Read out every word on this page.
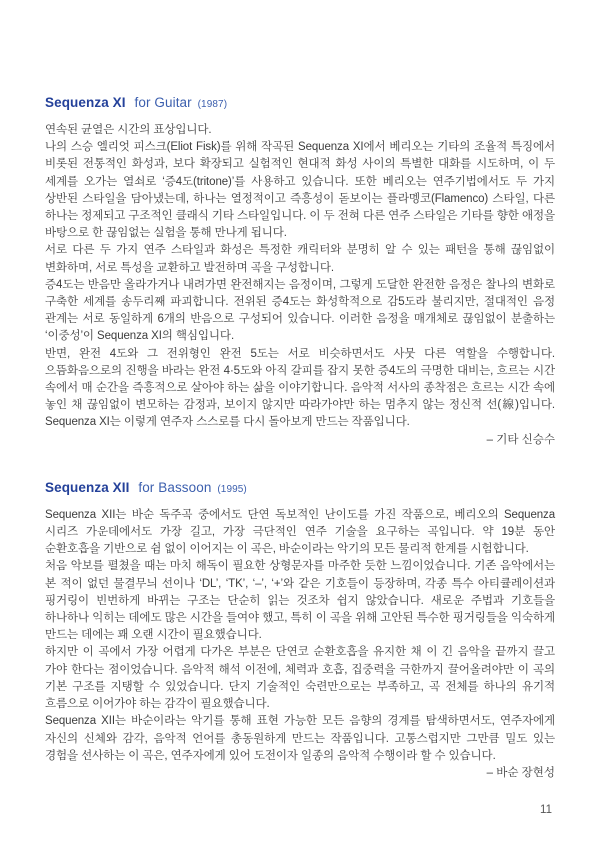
Sequenza XI for Guitar (1987)

연속된 균열은 시간의 표상입니다.

나의 스승 엘리엇 피스크(Eliot Fisk)를 위해 작곡된 Sequenza XI에서 베리오는 기타의 조율적 특징에서 비롯된 전통적인 화성과, 보다 확장되고 실험적인 현대적 화성 사이의 특별한 대화를 시도하며, 이 두 세계를 오가는 열쇠로 ‘증4도(tritone)’를 사용하고 있습니다. 또한 베리오는 연주기법에서도 두 가지 상반된 스타일을 담아냈는데, 하나는 열정적이고 즉흥성이 돋보이는 플라멩코(Flamenco) 스타일, 다른 하나는 정제되고 구조적인 클래식 기타 스타일입니다. 이 두 전혀 다른 연주 스타일은 기타를 향한 애정을 바탕으로 한 끊임없는 실험을 통해 만나게 됩니다.

서로 다른 두 가지 연주 스타일과 화성은 특정한 캐릭터와 분명히 알 수 있는 패턴을 통해 끊임없이 변화하며, 서로 특성을 교환하고 발전하며 곡을 구성합니다.

증4도는 반음만 올라가거나 내려가면 완전해지는 음정이며, 그렇게 도달한 완전한 음정은 찰나의 변화로 구축한 세계를 송두리째 파괴합니다. 전위된 증4도는 화성학적으로 감5도라 불리지만, 절대적인 음정 관계는 서로 동일하게 6개의 반음으로 구성되어 있습니다. 이러한 음정을 매개체로 끊임없이 분출하는 ‘이중성’이 Sequenza XI의 핵심입니다.

반면, 완전 4도와 그 전위형인 완전 5도는 서로 비슷하면서도 사뭇 다른 역할을 수행합니다. 으뜸화음으로의 진행을 바라는 완전 4·5도와 아직 갈피를 잡지 못한 증4도의 극명한 대비는, 흐르는 시간 속에서 매 순간을 즉흥적으로 살아야 하는 삶을 이야기합니다. 음악적 서사의 종착점은 흐르는 시간 속에 놓인 채 끊임없이 변모하는 감정과, 보이지 않지만 따라가야만 하는 멈추지 않는 정신적 선(線)입니다. Sequenza XI는 이렇게 연주자 스스로를 다시 돌아보게 만드는 작품입니다.

– 기타 신승수

Sequenza XII for Bassoon (1995)

Sequenza XII는 바순 독주곡 중에서도 단연 독보적인 난이도를 가진 작품으로, 베리오의 Sequenza 시리즈 가운데에서도 가장 길고, 가장 극단적인 연주 기술을 요구하는 곡입니다. 약 19분 동안 순환호흡을 기반으로 쉼 없이 이어지는 이 곡은, 바순이라는 악기의 모든 물리적 한계를 시험합니다.

처음 악보를 펼쳤을 때는 마치 해독이 필요한 상형문자를 마주한 듯한 느낌이었습니다. 기존 음악에서는 본 적이 없던 물결무늬 선이나 ‘DL’, ‘TK’, ‘–’, ‘+’와 같은 기호들이 등장하며, 각종 특수 아티큘레이션과 핑거링이 빈번하게 바뀌는 구조는 단순히 읽는 것조차 쉽지 않았습니다. 새로운 주법과 기호들을 하나하나 익히는 데에도 많은 시간을 들여야 했고, 특히 이 곡을 위해 고안된 특수한 핑거링들을 익숙하게 만드는 데에는 꽤 오랜 시간이 필요했습니다.

하지만 이 곡에서 가장 어렵게 다가온 부분은 단연코 순환호흡을 유지한 채 이 긴 음악을 끝까지 끌고 가야 한다는 점이었습니다. 음악적 해석 이전에, 체력과 호흡, 집중력을 극한까지 끌어올려야만 이 곡의 기본 구조를 지탱할 수 있었습니다. 단지 기술적인 숙련만으로는 부족하고, 곡 전체를 하나의 유기적 흐름으로 이어가야 하는 감각이 필요했습니다.

Sequenza XII는 바순이라는 악기를 통해 표현 가능한 모든 음향의 경계를 탐색하면서도, 연주자에게 자신의 신체와 감각, 음악적 언어를 총동원하게 만드는 작품입니다. 고통스럽지만 그만큼 밀도 있는 경험을 선사하는 이 곡은, 연주자에게 있어 도전이자 일종의 음악적 수행이라 할 수 있습니다.

– 바순 장현성

11
